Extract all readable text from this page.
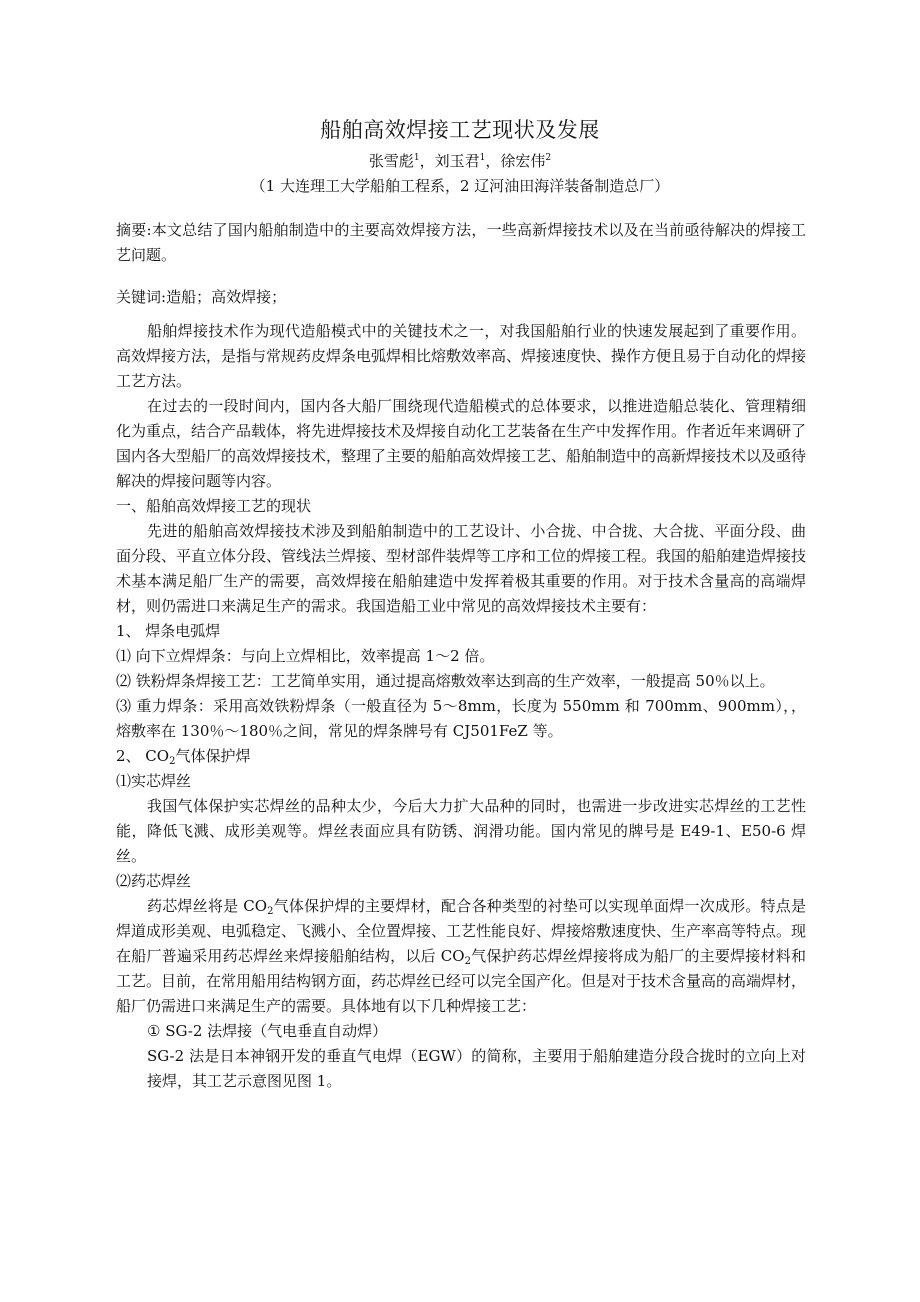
船舶高效焊接工艺现状及发展
张雪彪$^1$，刘玉君$^1$，徐宏伟$^2$
（1 大连理工大学船舶工程系，2 辽河油田海洋装备制造总厂）
摘要:本文总结了国内船舶制造中的主要高效焊接方法，一些高新焊接技术以及在当前亟待解决的焊接工艺问题。
关键词:造船；高效焊接；

船舶焊接技术作为现代造船模式中的关键技术之一，对我国船舶行业的快速发展起到了重要作用。高效焊接方法，是指与常规药皮焊条电弧焊相比熔敷效率高、焊接速度快、操作方便且易于自动化的焊接工艺方法。

在过去的一段时间内，国内各大船厂围绕现代造船模式的总体要求，以推进造船总装化、管理精细化为重点，结合产品载体，将先进焊接技术及焊接自动化工艺装备在生产中发挥作用。作者近年来调研了国内各大型船厂的高效焊接技术，整理了主要的船舶高效焊接工艺、船舶制造中的高新焊接技术以及亟待解决的焊接问题等内容。

一、船舶高效焊接工艺的现状

先进的船舶高效焊接技术涉及到船舶制造中的工艺设计、小合拢、中合拢、大合拢、平面分段、曲面分段、平直立体分段、管线法兰焊接、型材部件装焊等工序和工位的焊接工程。我国的船舶建造焊接技术基本满足船厂生产的需要，高效焊接在船舶建造中发挥着极其重要的作用。对于技术含量高的高端焊材，则仍需进口来满足生产的需求。我国造船工业中常见的高效焊接技术主要有：

1、 焊条电弧焊

⑴ 向下立焊焊条：与向上立焊相比，效率提高 1～2 倍。

⑵ 铁粉焊条焊接工艺：工艺简单实用，通过提高熔敷效率达到高的生产效率，一般提高 50％以上。

⑶ 重力焊条：采用高效铁粉焊条（一般直径为 5～8mm，长度为 550mm 和 700mm、900mm），，熔敷率在 130％～180％之间，常见的焊条牌号有 CJ501FeZ 等。

2、 $CO_2$气体保护焊

⑴实芯焊丝

我国气体保护实芯焊丝的品种太少，今后大力扩大品种的同时，也需进一步改进实芯焊丝的工艺性能，降低飞溅、成形美观等。焊丝表面应具有防锈、润滑功能。国内常见的牌号是 E49-1、E50-6 焊丝。

⑵药芯焊丝

药芯焊丝将是 $CO_2$气体保护焊的主要焊材，配合各种类型的衬垫可以实现单面焊一次成形。特点是焊道成形美观、电弧稳定、飞溅小、全位置焊接、工艺性能良好、焊接熔敷速度快、生产率高等特点。现在船厂普遍采用药芯焊丝来焊接船舶结构，以后 $CO_2$气保护药芯焊丝焊接将成为船厂的主要焊接材料和工艺。目前，在常用船用结构钢方面，药芯焊丝已经可以完全国产化。但是对于技术含量高的高端焊材，船厂仍需进口来满足生产的需要。具体地有以下几种焊接工艺：

① SG-2 法焊接（气电垂直自动焊）

SG-2 法是日本神钢开发的垂直气电焊（EGW）的简称，主要用于船舶建造分段合拢时的立向上对接焊，其工艺示意图见图 1。
